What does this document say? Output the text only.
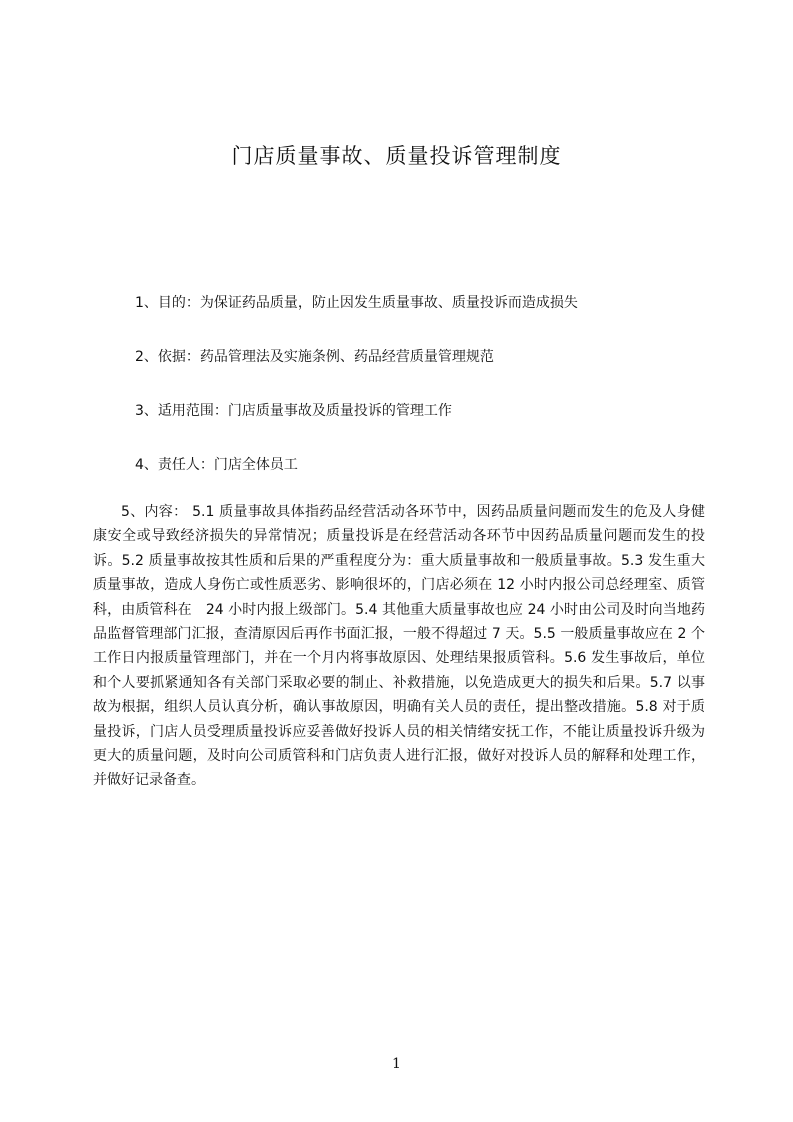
门店质量事故、质量投诉管理制度

1、目的：为保证药品质量，防止因发生质量事故、质量投诉而造成损失

2、依据：药品管理法及实施条例、药品经营质量管理规范

3、适用范围：门店质量事故及质量投诉的管理工作

4、责任人：门店全体员工

5、内容： 5.1 质量事故具体指药品经营活动各环节中，因药品质量问题而发生的危及人身健康安全或导致经济损失的异常情况；质量投诉是在经营活动各环节中因药品质量问题而发生的投诉。5.2 质量事故按其性质和后果的严重程度分为：重大质量事故和一般质量事故。5.3 发生重大质量事故，造成人身伤亡或性质恶劣、影响很坏的，门店必须在 12 小时内报公司总经理室、质管科，由质管科在　24 小时内报上级部门。5.4 其他重大质量事故也应 24 小时由公司及时向当地药品监督管理部门汇报，查清原因后再作书面汇报，一般不得超过 7 天。5.5 一般质量事故应在 2 个工作日内报质量管理部门，并在一个月内将事故原因、处理结果报质管科。5.6 发生事故后，单位和个人要抓紧通知各有关部门采取必要的制止、补救措施，以免造成更大的损失和后果。5.7 以事故为根据，组织人员认真分析，确认事故原因，明确有关人员的责任，提出整改措施。5.8 对于质量投诉，门店人员受理质量投诉应妥善做好投诉人员的相关情绪安抚工作，不能让质量投诉升级为更大的质量问题，及时向公司质管科和门店负责人进行汇报，做好对投诉人员的解释和处理工作，并做好记录备查。

1
